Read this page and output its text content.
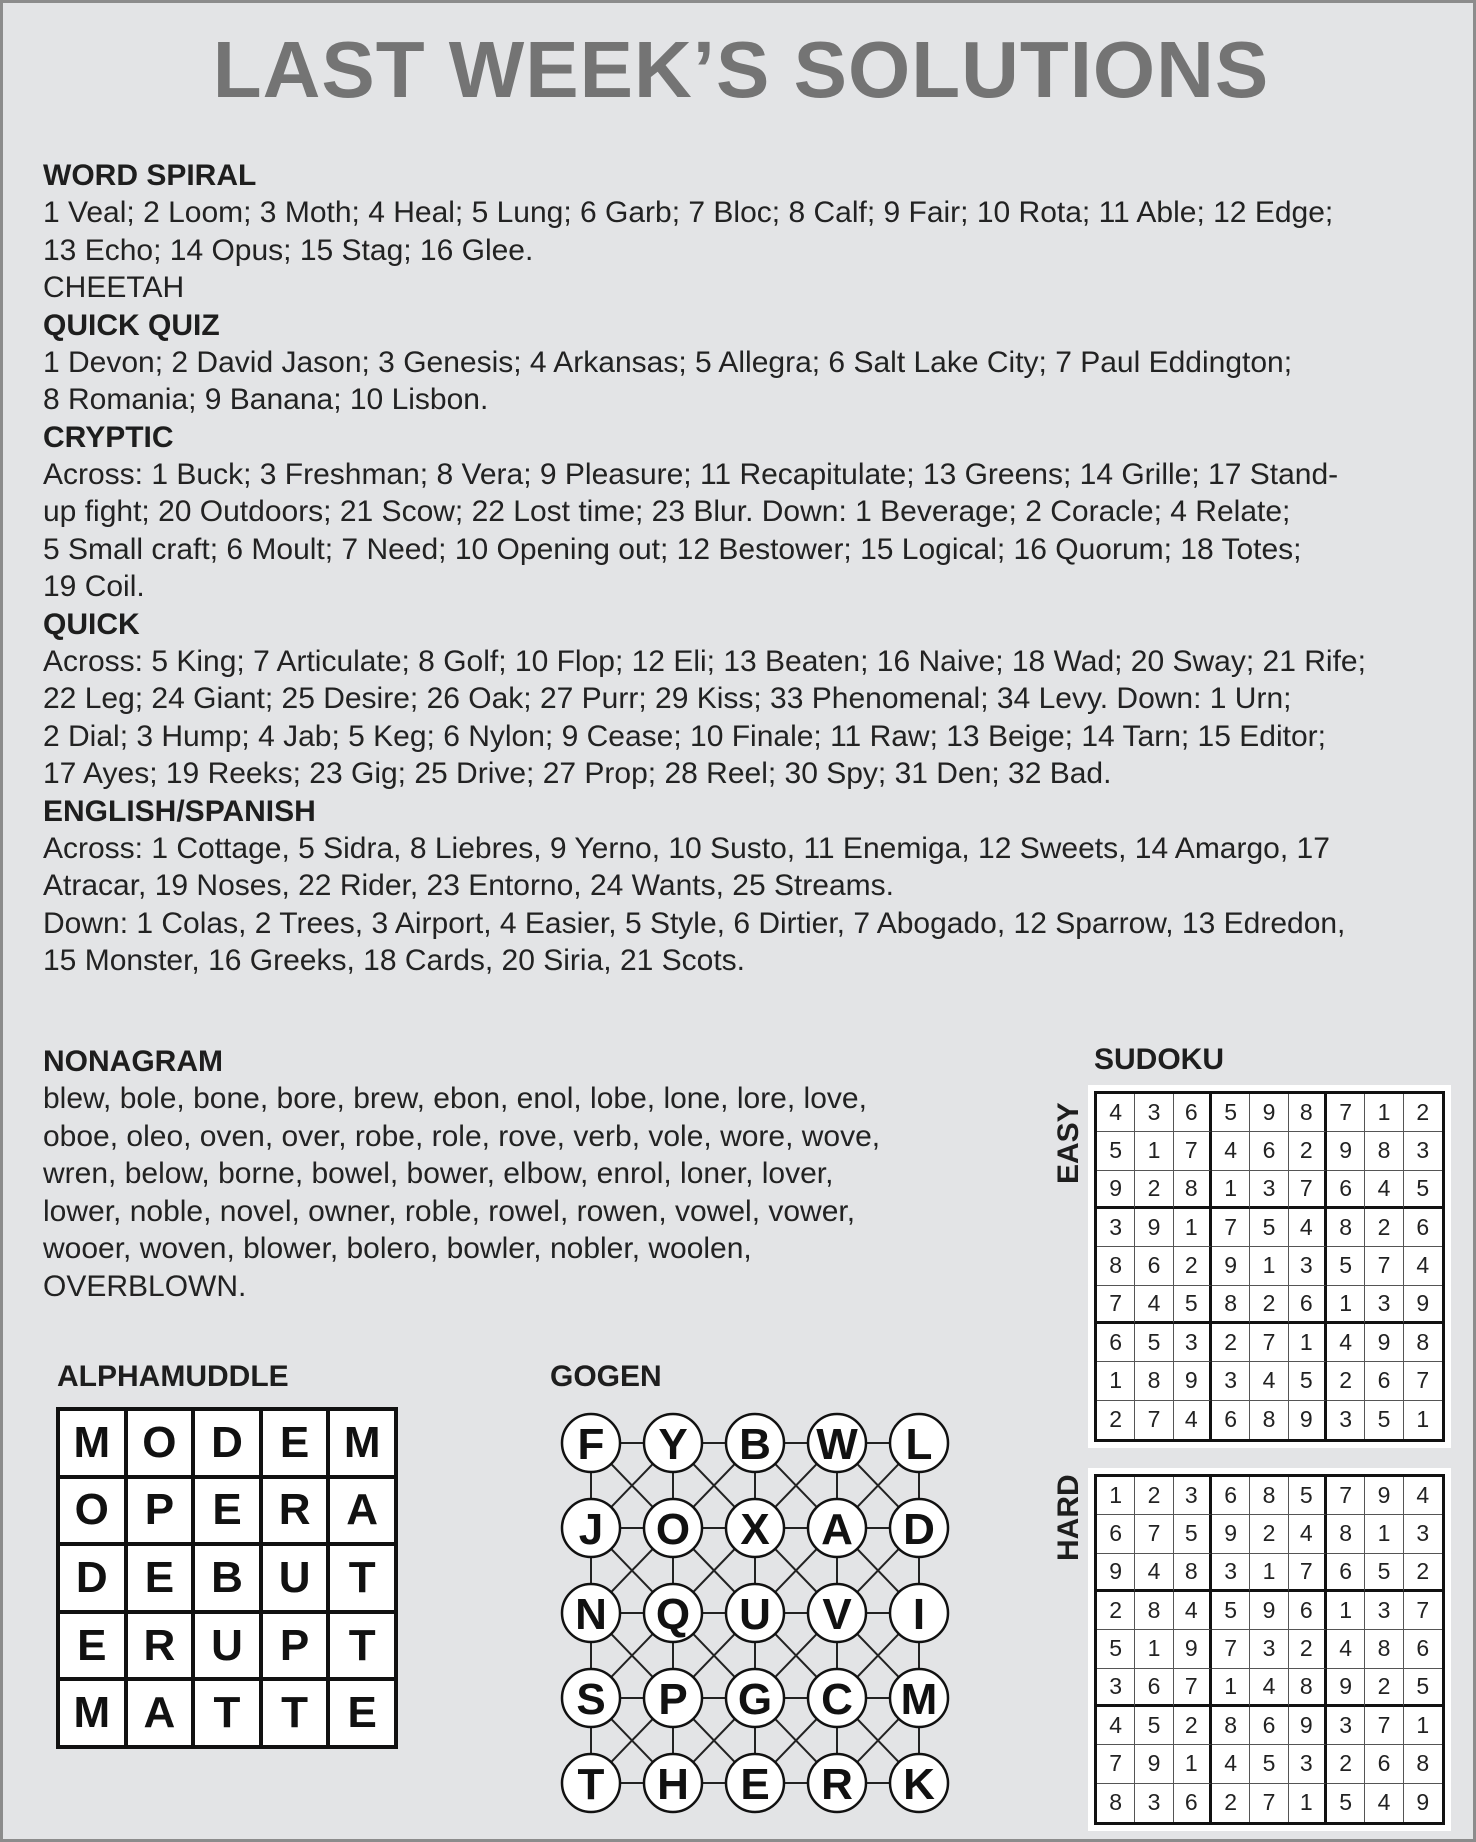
LAST WEEK’S SOLUTIONS
WORD SPIRAL
1 Veal; 2 Loom; 3 Moth; 4 Heal; 5 Lung; 6 Garb; 7 Bloc; 8 Calf; 9 Fair; 10 Rota; 11 Able; 12 Edge;
13 Echo; 14 Opus; 15 Stag; 16 Glee.
CHEETAH
QUICK QUIZ
1 Devon; 2 David Jason; 3 Genesis; 4 Arkansas; 5 Allegra; 6 Salt Lake City; 7 Paul Eddington;
8 Romania; 9 Banana; 10 Lisbon.
CRYPTIC
Across: 1 Buck; 3 Freshman; 8 Vera; 9 Pleasure; 11 Recapitulate; 13 Greens; 14 Grille; 17 Stand-
up fight; 20 Outdoors; 21 Scow; 22 Lost time; 23 Blur. Down: 1 Beverage; 2 Coracle; 4 Relate;
5 Small craft; 6 Moult; 7 Need; 10 Opening out; 12 Bestower; 15 Logical; 16 Quorum; 18 Totes;
19 Coil.
QUICK
Across: 5 King; 7 Articulate; 8 Golf; 10 Flop; 12 Eli; 13 Beaten; 16 Naive; 18 Wad; 20 Sway; 21 Rife;
22 Leg; 24 Giant; 25 Desire; 26 Oak; 27 Purr; 29 Kiss; 33 Phenomenal; 34 Levy. Down: 1 Urn;
2 Dial; 3 Hump; 4 Jab; 5 Keg; 6 Nylon; 9 Cease; 10 Finale; 11 Raw; 13 Beige; 14 Tarn; 15 Editor;
17 Ayes; 19 Reeks; 23 Gig; 25 Drive; 27 Prop; 28 Reel; 30 Spy; 31 Den; 32 Bad.
ENGLISH/SPANISH
Across: 1 Cottage, 5 Sidra, 8 Liebres, 9 Yerno, 10 Susto, 11 Enemiga, 12 Sweets, 14 Amargo, 17
Atracar, 19 Noses, 22 Rider, 23 Entorno, 24 Wants, 25 Streams.
Down: 1 Colas, 2 Trees, 3 Airport, 4 Easier, 5 Style, 6 Dirtier, 7 Abogado, 12 Sparrow, 13 Edredon,
15 Monster, 16 Greeks, 18 Cards, 20 Siria, 21 Scots.
NONAGRAM
blew, bole, bone, bore, brew, ebon, enol, lobe, lone, lore, love,
oboe, oleo, oven, over, robe, role, rove, verb, vole, wore, wove,
wren, below, borne, bowel, bower, elbow, enrol, loner, lover,
lower, noble, novel, owner, roble, rowel, rowen, vowel, vower,
wooer, woven, blower, bolero, bowler, nobler, woolen,
OVERBLOWN.
ALPHAMUDDLE
M O D E M
O P E R A
D E B U T
E R U P T
M A T T E
GOGEN
F Y B W L
J O X A D
N Q U V I
S P G C M
T H E R K
SUDOKU
EASY	4	3	6	5	9	8	7	1	2
5	1	7	4	6	2	9	8	3
9	2	8	1	3	7	6	4	5
3	9	1	7	5	4	8	2	6
8	6	2	9	1	3	5	7	4
7	4	5	8	2	6	1	3	9
6	5	3	2	7	1	4	9	8
1	8	9	3	4	5	2	6	7
2	7	4	6	8	9	3	5	1
HARD	1	2	3	6	8	5	7	9	4
6	7	5	9	2	4	8	1	3
9	4	8	3	1	7	6	5	2
2	8	4	5	9	6	1	3	7
5	1	9	7	3	2	4	8	6
3	6	7	1	4	8	9	2	5
4	5	2	8	6	9	3	7	1
7	9	1	4	5	3	2	6	8
8	3	6	2	7	1	5	4	9
